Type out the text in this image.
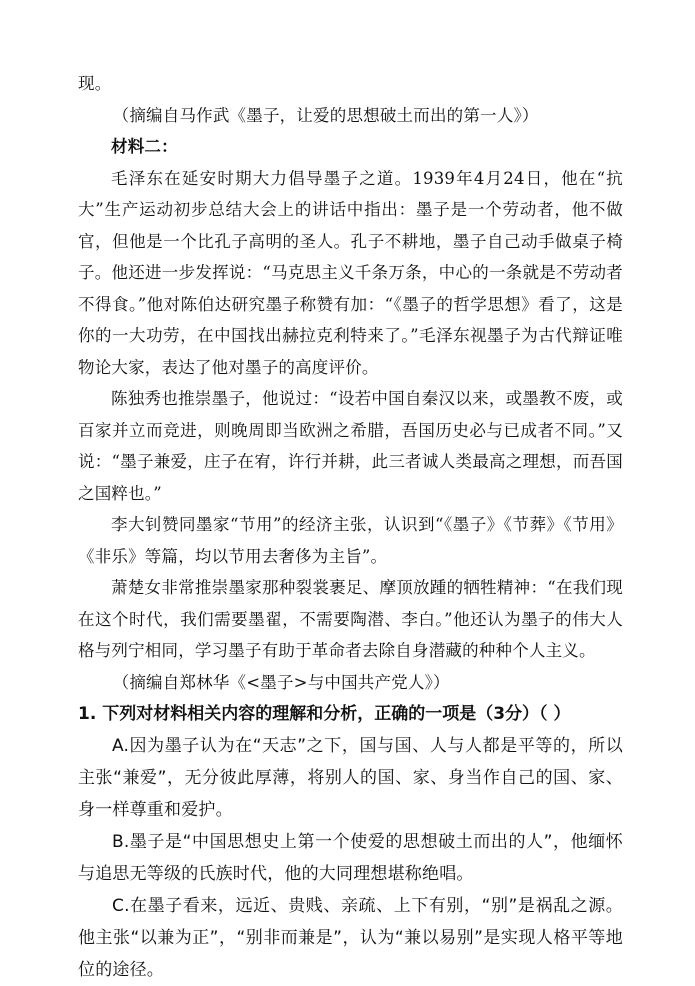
现。

（摘编自马作武《墨子，让爱的思想破土而出的第一人》）

材料二：

毛泽东在延安时期大力倡导墨子之道。1939年4月24日，他在“抗大”生产运动初步总结大会上的讲话中指出：墨子是一个劳动者，他不做官，但他是一个比孔子高明的圣人。孔子不耕地，墨子自己动手做桌子椅子。他还进一步发挥说：“马克思主义千条万条，中心的一条就是不劳动者不得食。”他对陈伯达研究墨子称赞有加：“《墨子的哲学思想》看了，这是你的一大功劳，在中国找出赫拉克利特来了。”毛泽东视墨子为古代辩证唯物论大家，表达了他对墨子的高度评价。

陈独秀也推崇墨子，他说过：“设若中国自秦汉以来，或墨教不废，或百家并立而竞进，则晚周即当欧洲之希腊，吾国历史必与已成者不同。”又说：“墨子兼爱，庄子在宥，许行并耕，此三者诚人类最高之理想，而吾国之国粹也。”

李大钊赞同墨家“节用”的经济主张，认识到“《墨子》《节葬》《节用》《非乐》等篇，均以节用去奢侈为主旨”。

萧楚女非常推崇墨家那种裂裳裹足、摩顶放踵的牺牲精神：“在我们现在这个时代，我们需要墨翟，不需要陶潜、李白。”他还认为墨子的伟大人格与列宁相同，学习墨子有助于革命者去除自身潜藏的种种个人主义。

（摘编自郑林华《<墨子>与中国共产党人》）

1. 下列对材料相关内容的理解和分析，正确的一项是（3分）（ ）

A.因为墨子认为在“天志”之下，国与国、人与人都是平等的，所以主张“兼爱”，无分彼此厚薄，将别人的国、家、身当作自己的国、家、身一样尊重和爱护。

B.墨子是“中国思想史上第一个使爱的思想破土而出的人”，他缅怀与追思无等级的氏族时代，他的大同理想堪称绝唱。

C.在墨子看来，远近、贵贱、亲疏、上下有别，“别”是祸乱之源。他主张“以兼为正”，“别非而兼是”，认为“兼以易别”是实现人格平等地位的途径。
